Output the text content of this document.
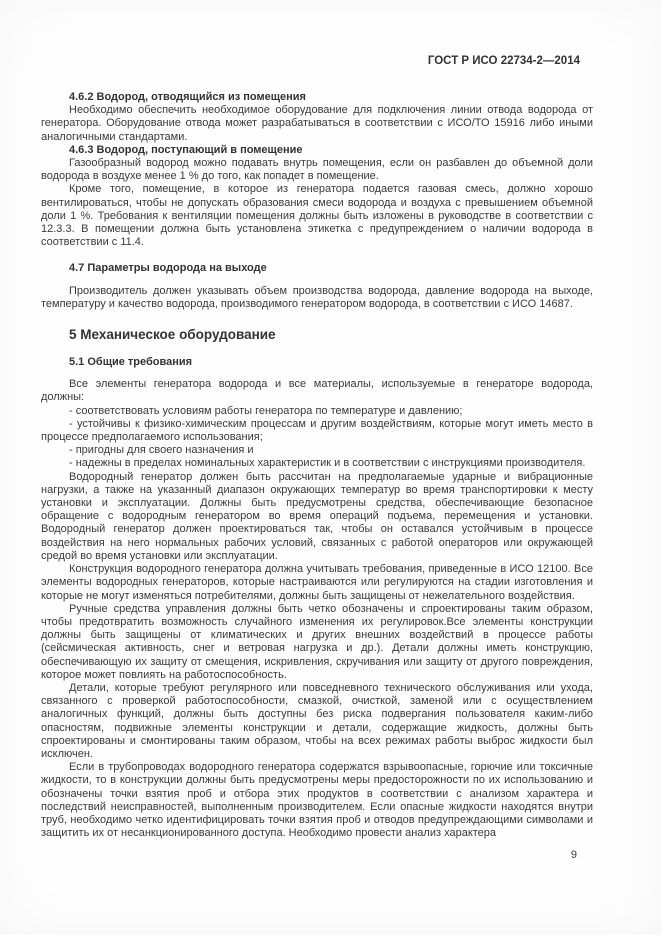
ГОСТ Р ИСО 22734-2—2014
4.6.2 Водород, отводящийся из помещения

Необходимо обеспечить необходимое оборудование для подключения линии отвода водорода от генератора. Оборудование отвода может разрабатываться в соответствии с ИСО/ТО 15916 либо иными аналогичными стандартами.

4.6.3 Водород, поступающий в помещение

Газообразный водород можно подавать внутрь помещения, если он разбавлен до объемной доли водорода в воздухе менее 1 % до того, как попадет в помещение.

Кроме того, помещение, в которое из генератора подается газовая смесь, должно хорошо вентилироваться, чтобы не допускать образования смеси водорода и воздуха с превышением объемной доли 1 %. Требования к вентиляции помещения должны быть изложены в руководстве в соответствии с 12.3.3. В помещении должна быть установлена этикетка с предупреждением о наличии водорода в соответствии с 11.4.

4.7 Параметры водорода на выходе

Производитель должен указывать объем производства водорода, давление водорода на выходе, температуру и качество водорода, производимого генератором водорода, в соответствии с ИСО 14687.

5 Механическое оборудование
5.1 Общие требования

Все элементы генератора водорода и все материалы, используемые в генераторе водорода, должны:

- соответствовать условиям работы генератора по температуре и давлению;

- устойчивы к физико-химическим процессам и другим воздействиям, которые могут иметь место в процессе предполагаемого использования;

- пригодны для своего назначения и

- надежны в пределах номинальных характеристик и в соответствии с инструкциями производителя.

Водородный генератор должен быть рассчитан на предполагаемые ударные и вибрационные нагрузки, а также на указанный диапазон окружающих температур во время транспортировки к месту установки и эксплуатации. Должны быть предусмотрены средства, обеспечивающие безопасное обращение с водородным генератором во время операций подъема, перемещения и установки. Водородный генератор должен проектироваться так, чтобы он оставался устойчивым в процессе воздействия на него нормальных рабочих условий, связанных с работой операторов или окружающей средой во время установки или эксплуатации.

Конструкция водородного генератора должна учитывать требования, приведенные в ИСО 12100. Все элементы водородных генераторов, которые настраиваются или регулируются на стадии изготовления и которые не могут изменяться потребителями, должны быть защищены от нежелательного воздействия.

Ручные средства управления должны быть четко обозначены и спроектированы таким образом, чтобы предотвратить возможность случайного изменения их регулировок.Все элементы конструкции должны быть защищены от климатических и других внешних воздействий в процессе работы (сейсмическая активность, снег и ветровая нагрузка и др.). Детали должны иметь конструкцию, обеспечивающую их защиту от смещения, искривления, скручивания или защиту от другого повреждения, которое может повлиять на работоспособность.

Детали, которые требуют регулярного или повседневного технического обслуживания или ухода, связанного с проверкой работоспособности, смазкой, очисткой, заменой или с осуществлением аналогичных функций, должны быть доступны без риска подвергания пользователя каким-либо опасностям, подвижные элементы конструкции и детали, содержащие жидкость, должны быть спроектированы и смонтированы таким образом, чтобы на всех режимах работы выброс жидкости был исключен.

Если в трубопроводах водородного генератора содержатся взрывоопасные, горючие или токсичные жидкости, то в конструкции должны быть предусмотрены меры предосторожности по их использованию и обозначены точки взятия проб и отбора этих продуктов в соответствии с анализом характера и последствий неисправностей, выполненным производителем. Если опасные жидкости находятся внутри труб, необходимо четко идентифицировать точки взятия проб и отводов предупреждающими символами и защитить их от несанкционированного доступа. Необходимо провести анализ характера

9
